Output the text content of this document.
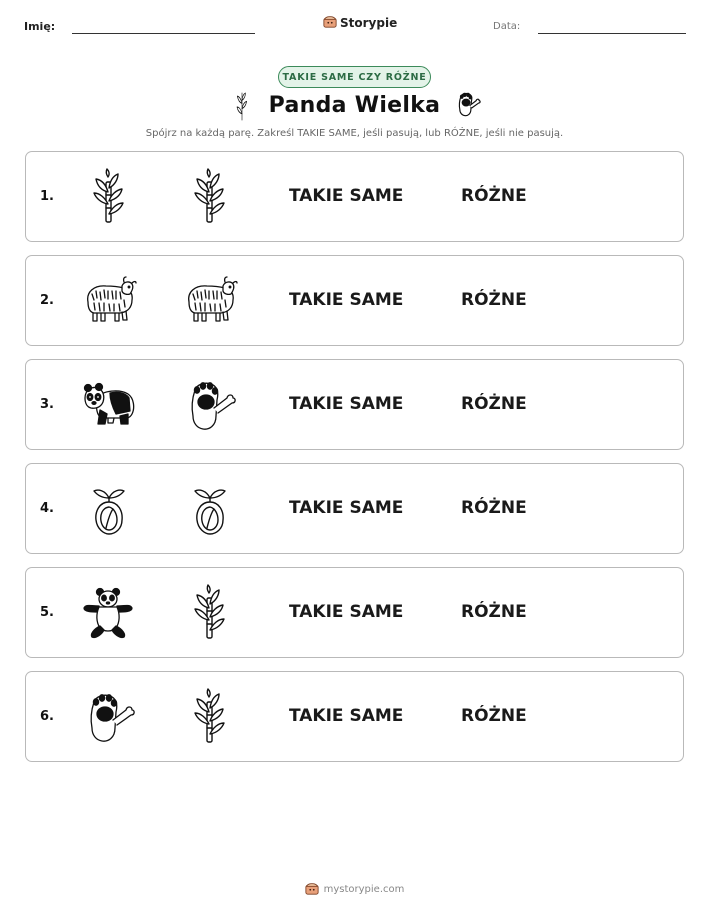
Imię:	Storypie	Data:
TAKIE SAME CZY RÓŻNE
Panda Wielka
Spójrz na każdą parę. Zakreśl TAKIE SAME, jeśli pasują, lub RÓŻNE, jeśli nie pasują.
1.	TAKIE SAME	RÓŻNE
2.	TAKIE SAME	RÓŻNE
3.	TAKIE SAME	RÓŻNE
4.	TAKIE SAME	RÓŻNE
5.	TAKIE SAME	RÓŻNE
6.	TAKIE SAME	RÓŻNE
mystorypie.com
